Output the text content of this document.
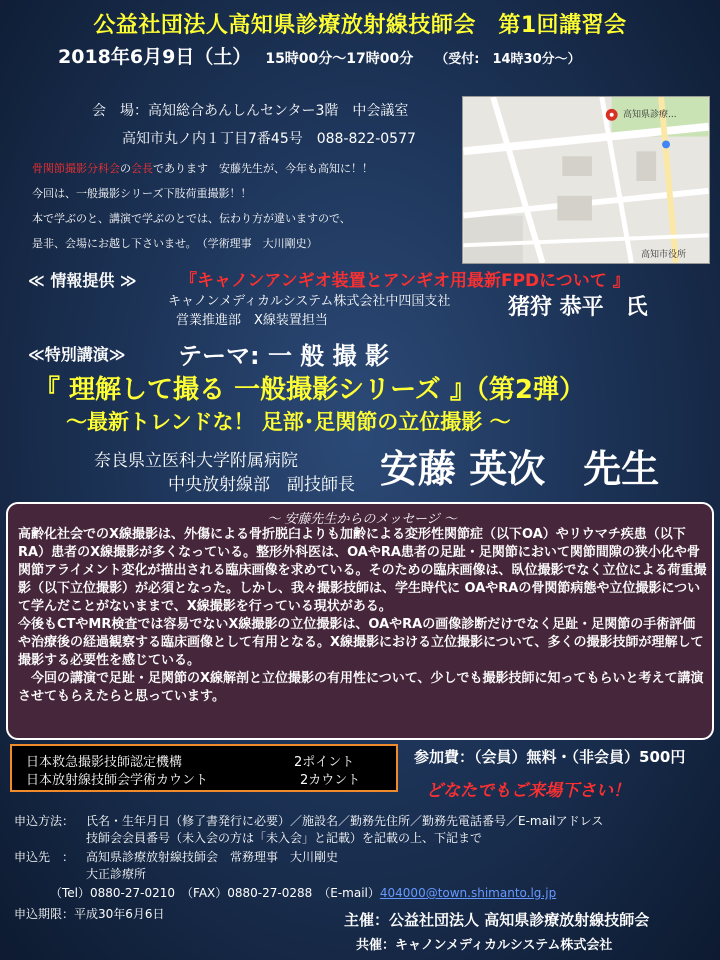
公益社団法人高知県診療放射線技師会　第1回講習会
2018年6月9日（土） 15時00分～17時00分 （受付:　14時30分～）
会　場：高知総合あんしんセンター3階　中会議室
高知市丸ノ内１丁目7番45号　088-822-0577
骨関節撮影分科会の会長であります　安藤先生が、今年も高知に！！
今回は、一般撮影シリーズ下肢荷重撮影！！
本で学ぶのと、講演で学ぶのとでは、伝わり方が違いますので、
是非、会場にお越し下さいませ。　（学術理事　大川剛史）
高知県診療...
高知市役所
≪ 情報提供 ≫	『キャノンアンギオ装置とアンギオ用最新FPDについて 』
キャノンメディカルシステム株式会社中四国支社
営業推進部　X線装置担当
猪狩 恭平　氏
≪特別講演≫ テーマ: 一 般 撮 影
『 理解して撮る 一般撮影シリーズ 』（第2弾）
～最新トレンドな！ 足部･足関節の立位撮影 ～
奈良県立医科大学附属病院
中央放射線部　副技師長 安藤 英次　先生
～ 安藤先生からのメッセージ ～

高齢化社会でのX線撮影は、外傷による骨折脱臼よりも加齢による変形性関節症（以下OA）やリウマチ疾患（以下RA）患者のX線撮影が多くなっている。整形外科医は、OAやRA患者の足趾・足関節において関節間隙の狭小化や骨関節アライメント変化が描出される臨床画像を求めている。そのための臨床画像は、臥位撮影でなく立位による荷重撮影（以下立位撮影）が必須となった。しかし、我々撮影技師は、学生時代に OAやRAの骨関節病態や立位撮影について学んだことがないままで、X線撮影を行っている現状がある。

今後もCTやMR検査では容易でないX線撮影の立位撮影は、OAやRAの画像診断だけでなく足趾・足関節の手術評価や治療後の経過観察する臨床画像として有用となる。X線撮影における立位撮影について、多くの撮影技師が理解して撮影する必要性を感じている。

　今回の講演で足趾・足関節のX線解剖と立位撮影の有用性について、少しでも撮影技師に知ってもらいと考えて講演させてもらえたらと思っています。

日本救急撮影技師認定機構	2ポイント
日本放射線技師会学術カウント	2カウント
参加費：（会員）無料・（非会員）500円
どなたでもご来場下さい！
申込方法： 氏名・生年月日（修了書発行に必要）／施設名／勤務先住所／勤務先電話番号／E-mailアドレス
技師会会員番号（未入会の方は「未入会」と記載）を記載の上、下記まで
申込先　： 高知県診療放射線技師会　常務理事　大川剛史
大正診療所
（Tel）0880-27-0210　（FAX）0880-27-0288　（E-mail）404000@town.shimanto.lg.jp
申込期限：平成30年6月6日	主催：公益社団法人 高知県診療放射線技師会
共催：キャノンメディカルシステム株式会社
